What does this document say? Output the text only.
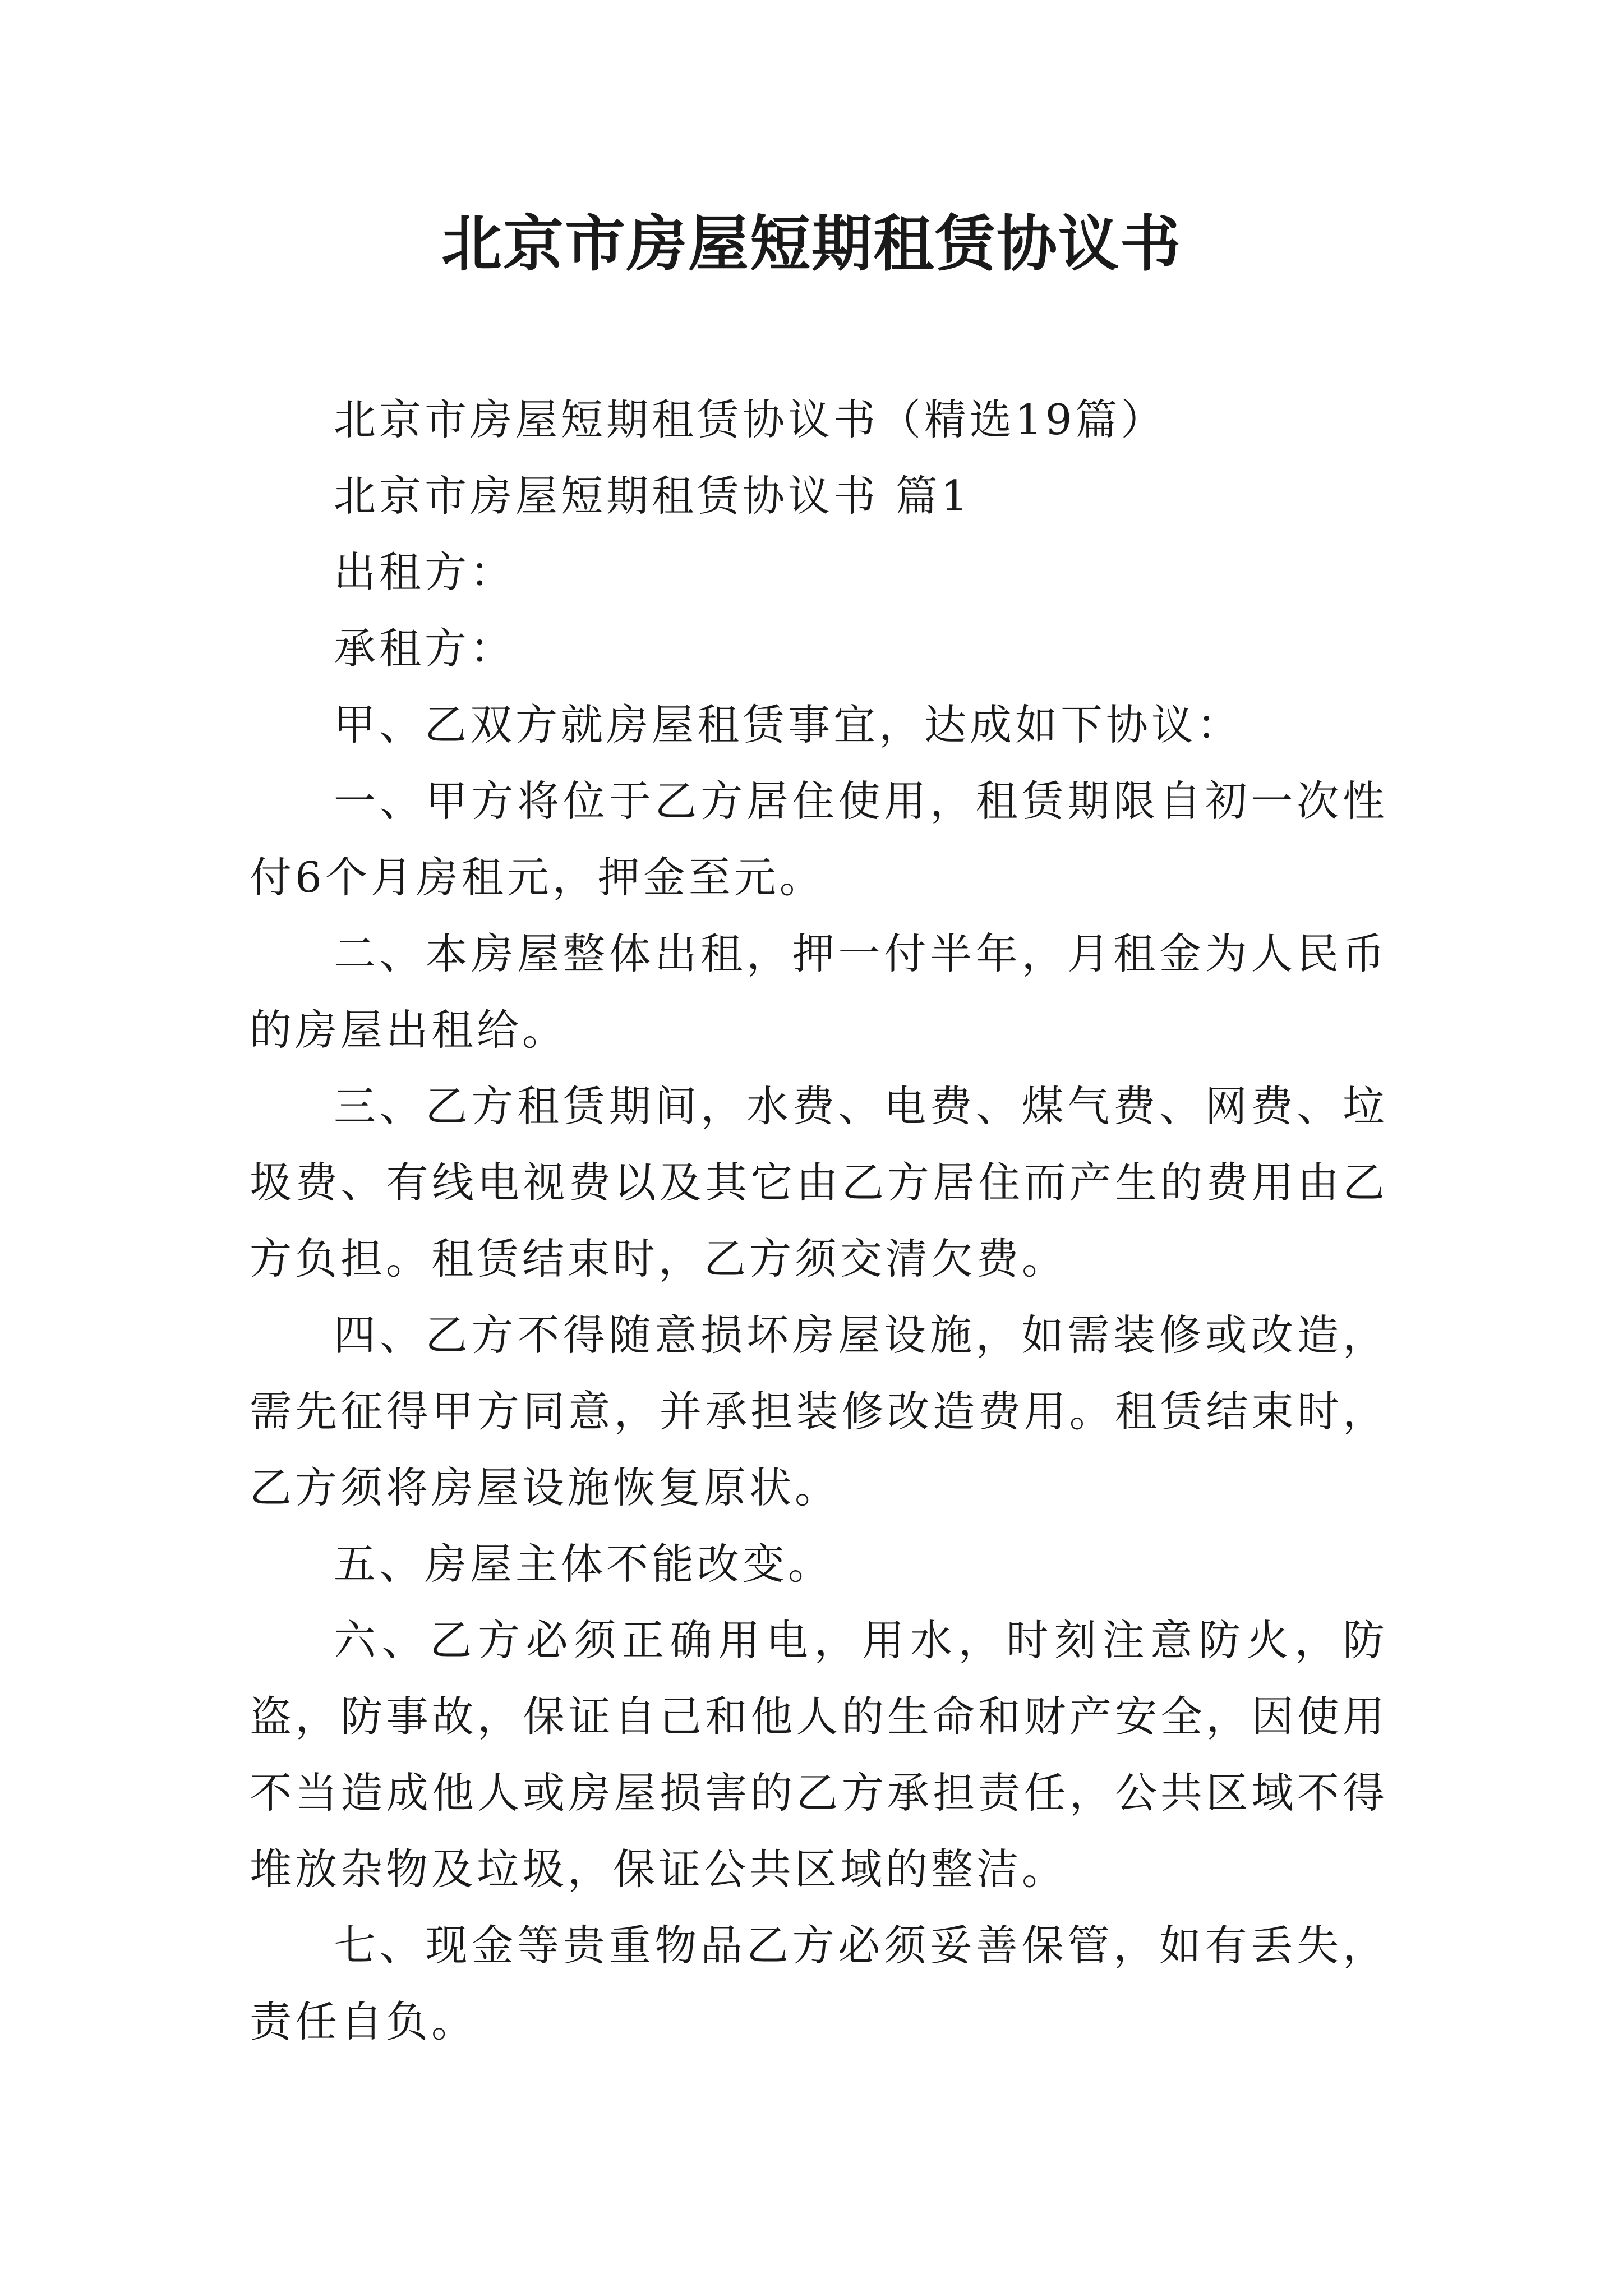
北京市房屋短期租赁协议书

北京市房屋短期租赁协议书（精选19篇）

北京市房屋短期租赁协议书 篇1

出租方：

承租方：

甲、乙双方就房屋租赁事宜，达成如下协议：

一、甲方将位于乙方居住使用，租赁期限自初一次性付6个月房租元，押金至元。

二、本房屋整体出租，押一付半年，月租金为人民币的房屋出租给。

三、乙方租赁期间，水费、电费、煤气费、网费、垃圾费、有线电视费以及其它由乙方居住而产生的费用由乙方负担。租赁结束时，乙方须交清欠费。

四、乙方不得随意损坏房屋设施，如需装修或改造，需先征得甲方同意，并承担装修改造费用。租赁结束时，乙方须将房屋设施恢复原状。

五、房屋主体不能改变。

六、乙方必须正确用电，用水，时刻注意防火，防盗，防事故，保证自己和他人的生命和财产安全，因使用不当造成他人或房屋损害的乙方承担责任，公共区域不得堆放杂物及垃圾，保证公共区域的整洁。

七、现金等贵重物品乙方必须妥善保管，如有丢失，责任自负。
